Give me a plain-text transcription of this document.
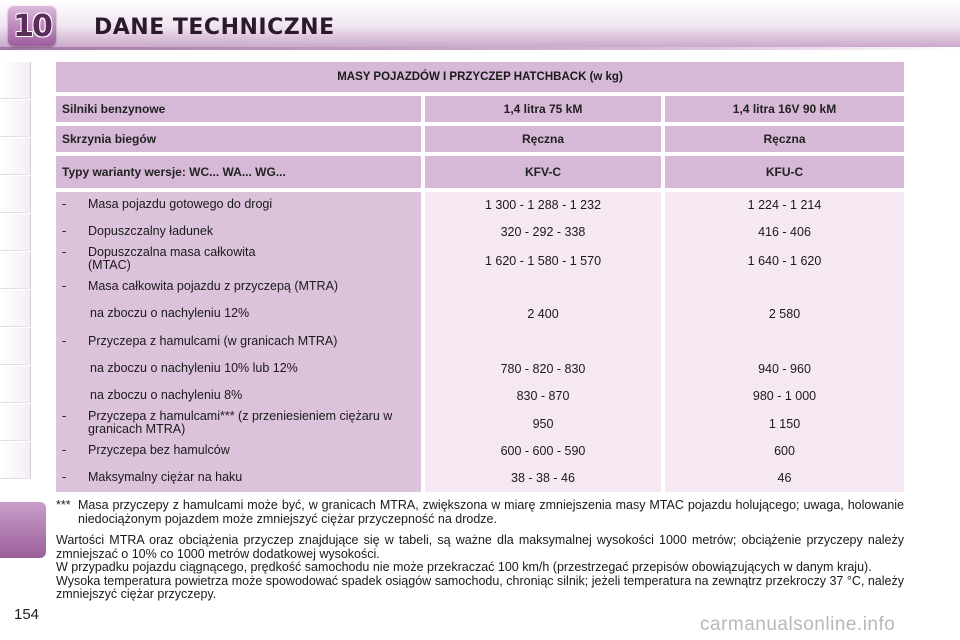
10 DANE TECHNICZNE
154
MASY POJAZDÓW I PRZYCZEP HATCHBACK (w kg)
Silniki benzynowe	1,4 litra 75 kM	1,4 litra 16V 90 kM
Skrzynia biegów	Ręczna	Ręczna
Typy warianty wersje: WC... WA... WG...	KFV-C	KFU-C
- Masa pojazdu gotowego do drogi	1 300 - 1 288 - 1 232	1 224 - 1 214
- Dopuszczalny ładunek	320 - 292 - 338	416 - 406
- Dopuszczalna masa całkowita (MTAC)	1 620 - 1 580 - 1 570	1 640 - 1 620
- Masa całkowita pojazdu z przyczepą (MTRA)
na zboczu o nachyleniu 12%	2 400	2 580
- Przyczepa z hamulcami (w granicach MTRA)
na zboczu o nachyleniu 10% lub 12%	780 - 820 - 830	940 - 960
na zboczu o nachyleniu 8%	830 - 870	980 - 1 000
- Przyczepa z hamulcami*** (z przeniesieniem ciężaru w granicach MTRA)	950	1 150
- Przyczepa bez hamulców	600 - 600 - 590	600
- Maksymalny ciężar na haku	38 - 38 - 46	46
*** Masa przyczepy z hamulcami może być, w granicach MTRA, zwiększona w miarę zmniejszenia masy MTAC pojazdu holującego; uwaga, holowanie niedociążonym pojazdem może zmniejszyć ciężar przyczepność na drodze.

Wartości MTRA oraz obciążenia przyczep znajdujące się w tabeli, są ważne dla maksymalnej wysokości 1000 metrów; obciążenie przyczepy należy zmniejszać o 10% co 1000 metrów dodatkowej wysokości.

W przypadku pojazdu ciągnącego, prędkość samochodu nie może przekraczać 100 km/h (przestrzegać przepisów obowiązujących w danym kraju).

Wysoka temperatura powietrza może spowodować spadek osiągów samochodu, chroniąc silnik; jeżeli temperatura na zewnątrz przekroczy 37 °C, należy zmniejszyć ciężar przyczepy.

carmanualsonline.info
